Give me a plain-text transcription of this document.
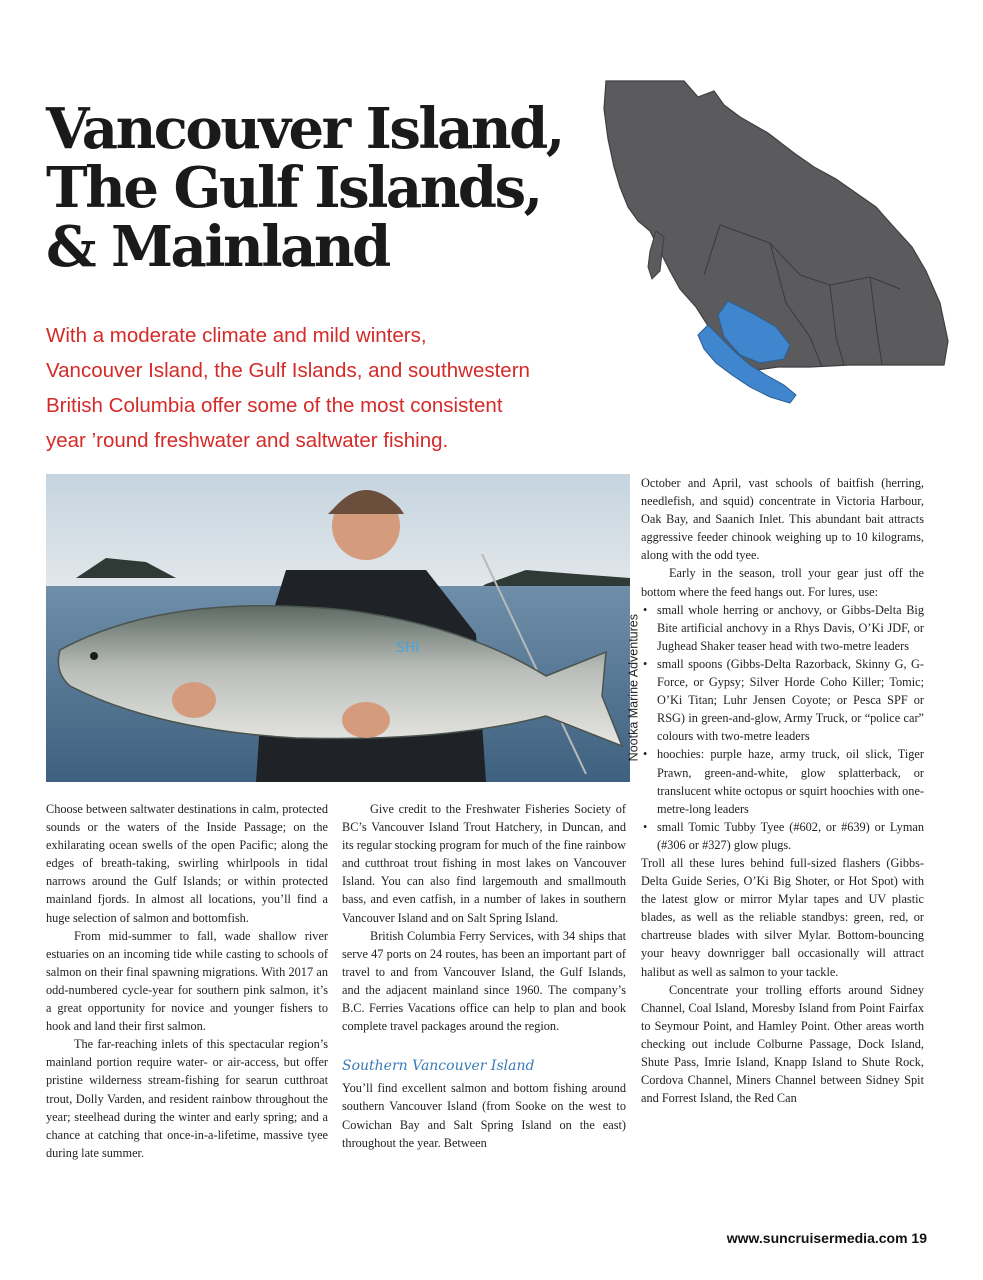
Vancouver Island,
The Gulf Islands,
& Mainland

With a moderate climate and mild winters,
Vancouver Island, the Gulf Islands, and southwestern
British Columbia offer some of the most consistent
year ’round freshwater and saltwater fishing.

SHI	Nootka Marine Adventures

Choose between saltwater destinations in calm, protected sounds or the waters of the Inside Passage; on the exhilarating ocean swells of the open Pacific; along the edges of breath-taking, swirling whirlpools in tidal narrows around the Gulf Islands; or within protected mainland fjords. In almost all locations, you’ll find a huge selection of salmon and bottomfish.

From mid-summer to fall, wade shallow river estuaries on an incoming tide while casting to schools of salmon on their final spawning migrations. With 2017 an odd-numbered cycle-year for southern pink salmon, it’s a great opportunity for novice and younger fishers to hook and land their first salmon.

The far-reaching inlets of this spectacular region’s mainland portion require water- or air-access, but offer pristine wilderness stream-fishing for searun cutthroat trout, Dolly Varden, and resident rainbow throughout the year; steelhead during the winter and early spring; and a chance at catching that once-in-a-lifetime, massive tyee during late summer.

Give credit to the Freshwater Fisheries Society of BC’s Vancouver Island Trout Hatchery, in Duncan, and its regular stocking program for much of the fine rainbow and cutthroat trout fishing in most lakes on Vancouver Island. You can also find largemouth and smallmouth bass, and even catfish, in a number of lakes in southern Vancouver Island and on Salt Spring Island.

British Columbia Ferry Services, with 34 ships that serve 47 ports on 24 routes, has been an important part of travel to and from Vancouver Island, the Gulf Islands, and the adjacent mainland since 1960. The company’s B.C. Ferries Vacations office can help to plan and book complete travel packages around the region.

Southern Vancouver Island

You’ll find excellent salmon and bottom fishing around southern Vancouver Island (from Sooke on the west to Cowichan Bay and Salt Spring Island on the east) throughout the year. Between

October and April, vast schools of baitfish (herring, needlefish, and squid) concentrate in Victoria Harbour, Oak Bay, and Saanich Inlet. This abundant bait attracts aggressive feeder chinook weighing up to 10 kilograms, along with the odd tyee.

Early in the season, troll your gear just off the bottom where the feed hangs out. For lures, use:

• small whole herring or anchovy, or Gibbs-Delta Big Bite artificial anchovy in a Rhys Davis, O’Ki JDF, or Jughead Shaker teaser head with two-metre leaders
• small spoons (Gibbs-Delta Razorback, Skinny G, G-Force, or Gypsy; Silver Horde Coho Killer; Tomic; O’Ki Titan; Luhr Jensen Coyote; or Pesca SPF or RSG) in green-and-glow, Army Truck, or “police car” colours with two-metre leaders
• hoochies: purple haze, army truck, oil slick, Tiger Prawn, green-and-white, glow splatterback, or translucent white octopus or squirt hoochies with one-metre-long leaders
• small Tomic Tubby Tyee (#602, or #639) or Lyman (#306 or #327) glow plugs.

Troll all these lures behind full-sized flashers (Gibbs-Delta Guide Series, O’Ki Big Shoter, or Hot Spot) with the latest glow or mirror Mylar tapes and UV plastic blades, as well as the reliable standbys: green, red, or chartreuse blades with silver Mylar. Bottom-bouncing your heavy downrigger ball occasionally will attract halibut as well as salmon to your tackle.

Concentrate your trolling efforts around Sidney Channel, Coal Island, Moresby Island from Point Fairfax to Seymour Point, and Hamley Point. Other areas worth checking out include Colburne Passage, Dock Island, Shute Pass, Imrie Island, Knapp Island to Shute Rock, Cordova Channel, Miners Channel between Sidney Spit and Forrest Island, the Red Can

www.suncruisermedia.com 19
